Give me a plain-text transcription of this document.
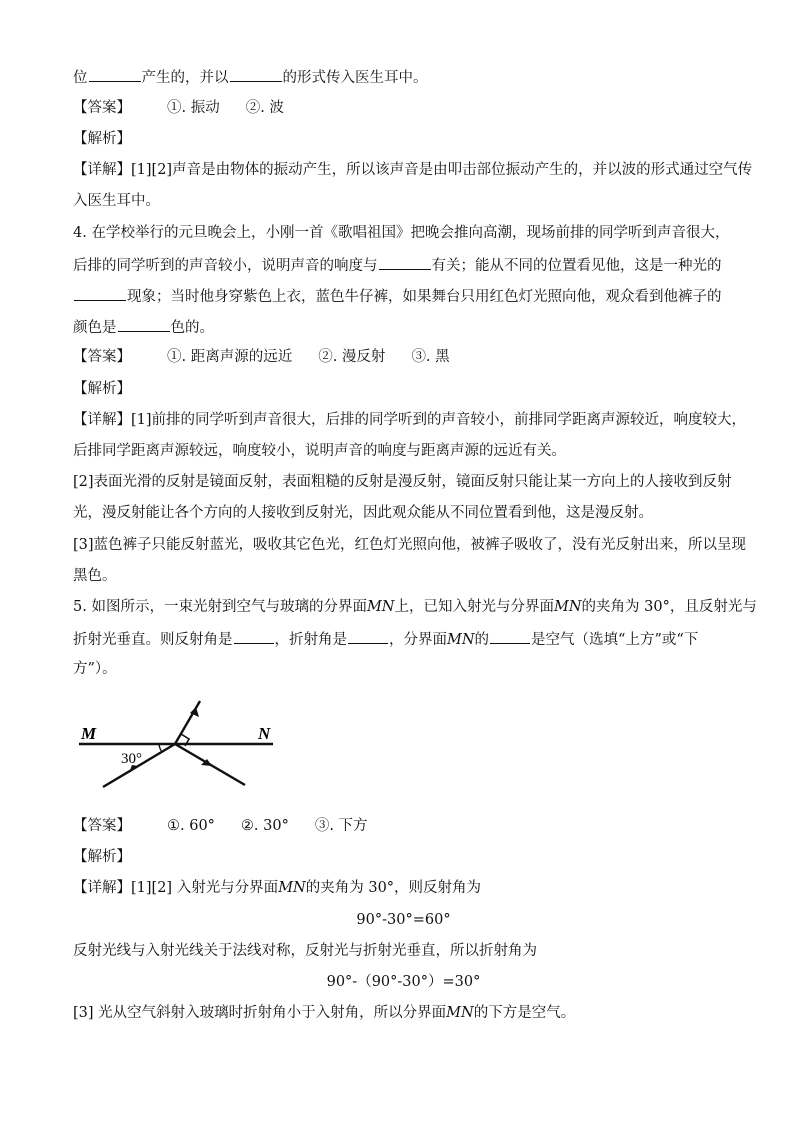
位	产生的，并以	的形式传入医生耳中。
【答案】 ①. 振动 ②. 波
【解析】
【详解】[1][2]声音是由物体的振动产生，所以该声音是由叩击部位振动产生的，并以波的形式通过空气传
入医生耳中。
4. 在学校举行的元旦晚会上，小刚一首《歌唱祖国》把晚会推向高潮，现场前排的同学听到声音很大，
后排的同学听到的声音较小，说明声音的响度与	有关；能从不同的位置看见他，这是一种光的
现象；当时他身穿紫色上衣，蓝色牛仔裤，如果舞台只用红色灯光照向他，观众看到他裤子的
颜色是	色的。
【答案】 ①. 距离声源的远近 ②. 漫反射 ③. 黑
【解析】
【详解】[1]前排的同学听到声音很大，后排的同学听到的声音较小，前排同学距离声源较近，响度较大，
后排同学距离声源较远，响度较小，说明声音的响度与距离声源的远近有关。
[2]表面光滑的反射是镜面反射，表面粗糙的反射是漫反射，镜面反射只能让某一方向上的人接收到反射
光，漫反射能让各个方向的人接收到反射光，因此观众能从不同位置看到他，这是漫反射。
[3]蓝色裤子只能反射蓝光，吸收其它色光，红色灯光照向他，被裤子吸收了，没有光反射出来，所以呈现
黑色。
5. 如图所示，一束光射到空气与玻璃的分界面MN上，已知入射光与分界面MN的夹角为 30°，且反射光与
折射光垂直。则反射角是	，折射角是	，分界面MN的	是空气（选填“上方”或“下
方”）。
M	N
30°
【答案】 ①. 60° ②. 30° ③. 下方
【解析】
【详解】[1][2] 入射光与分界面MN的夹角为 30°，则反射角为
90°-30°=60°
反射光线与入射光线关于法线对称，反射光与折射光垂直，所以折射角为
90°-（90°-30°）=30°
[3] 光从空气斜射入玻璃时折射角小于入射角，所以分界面MN的下方是空气。
